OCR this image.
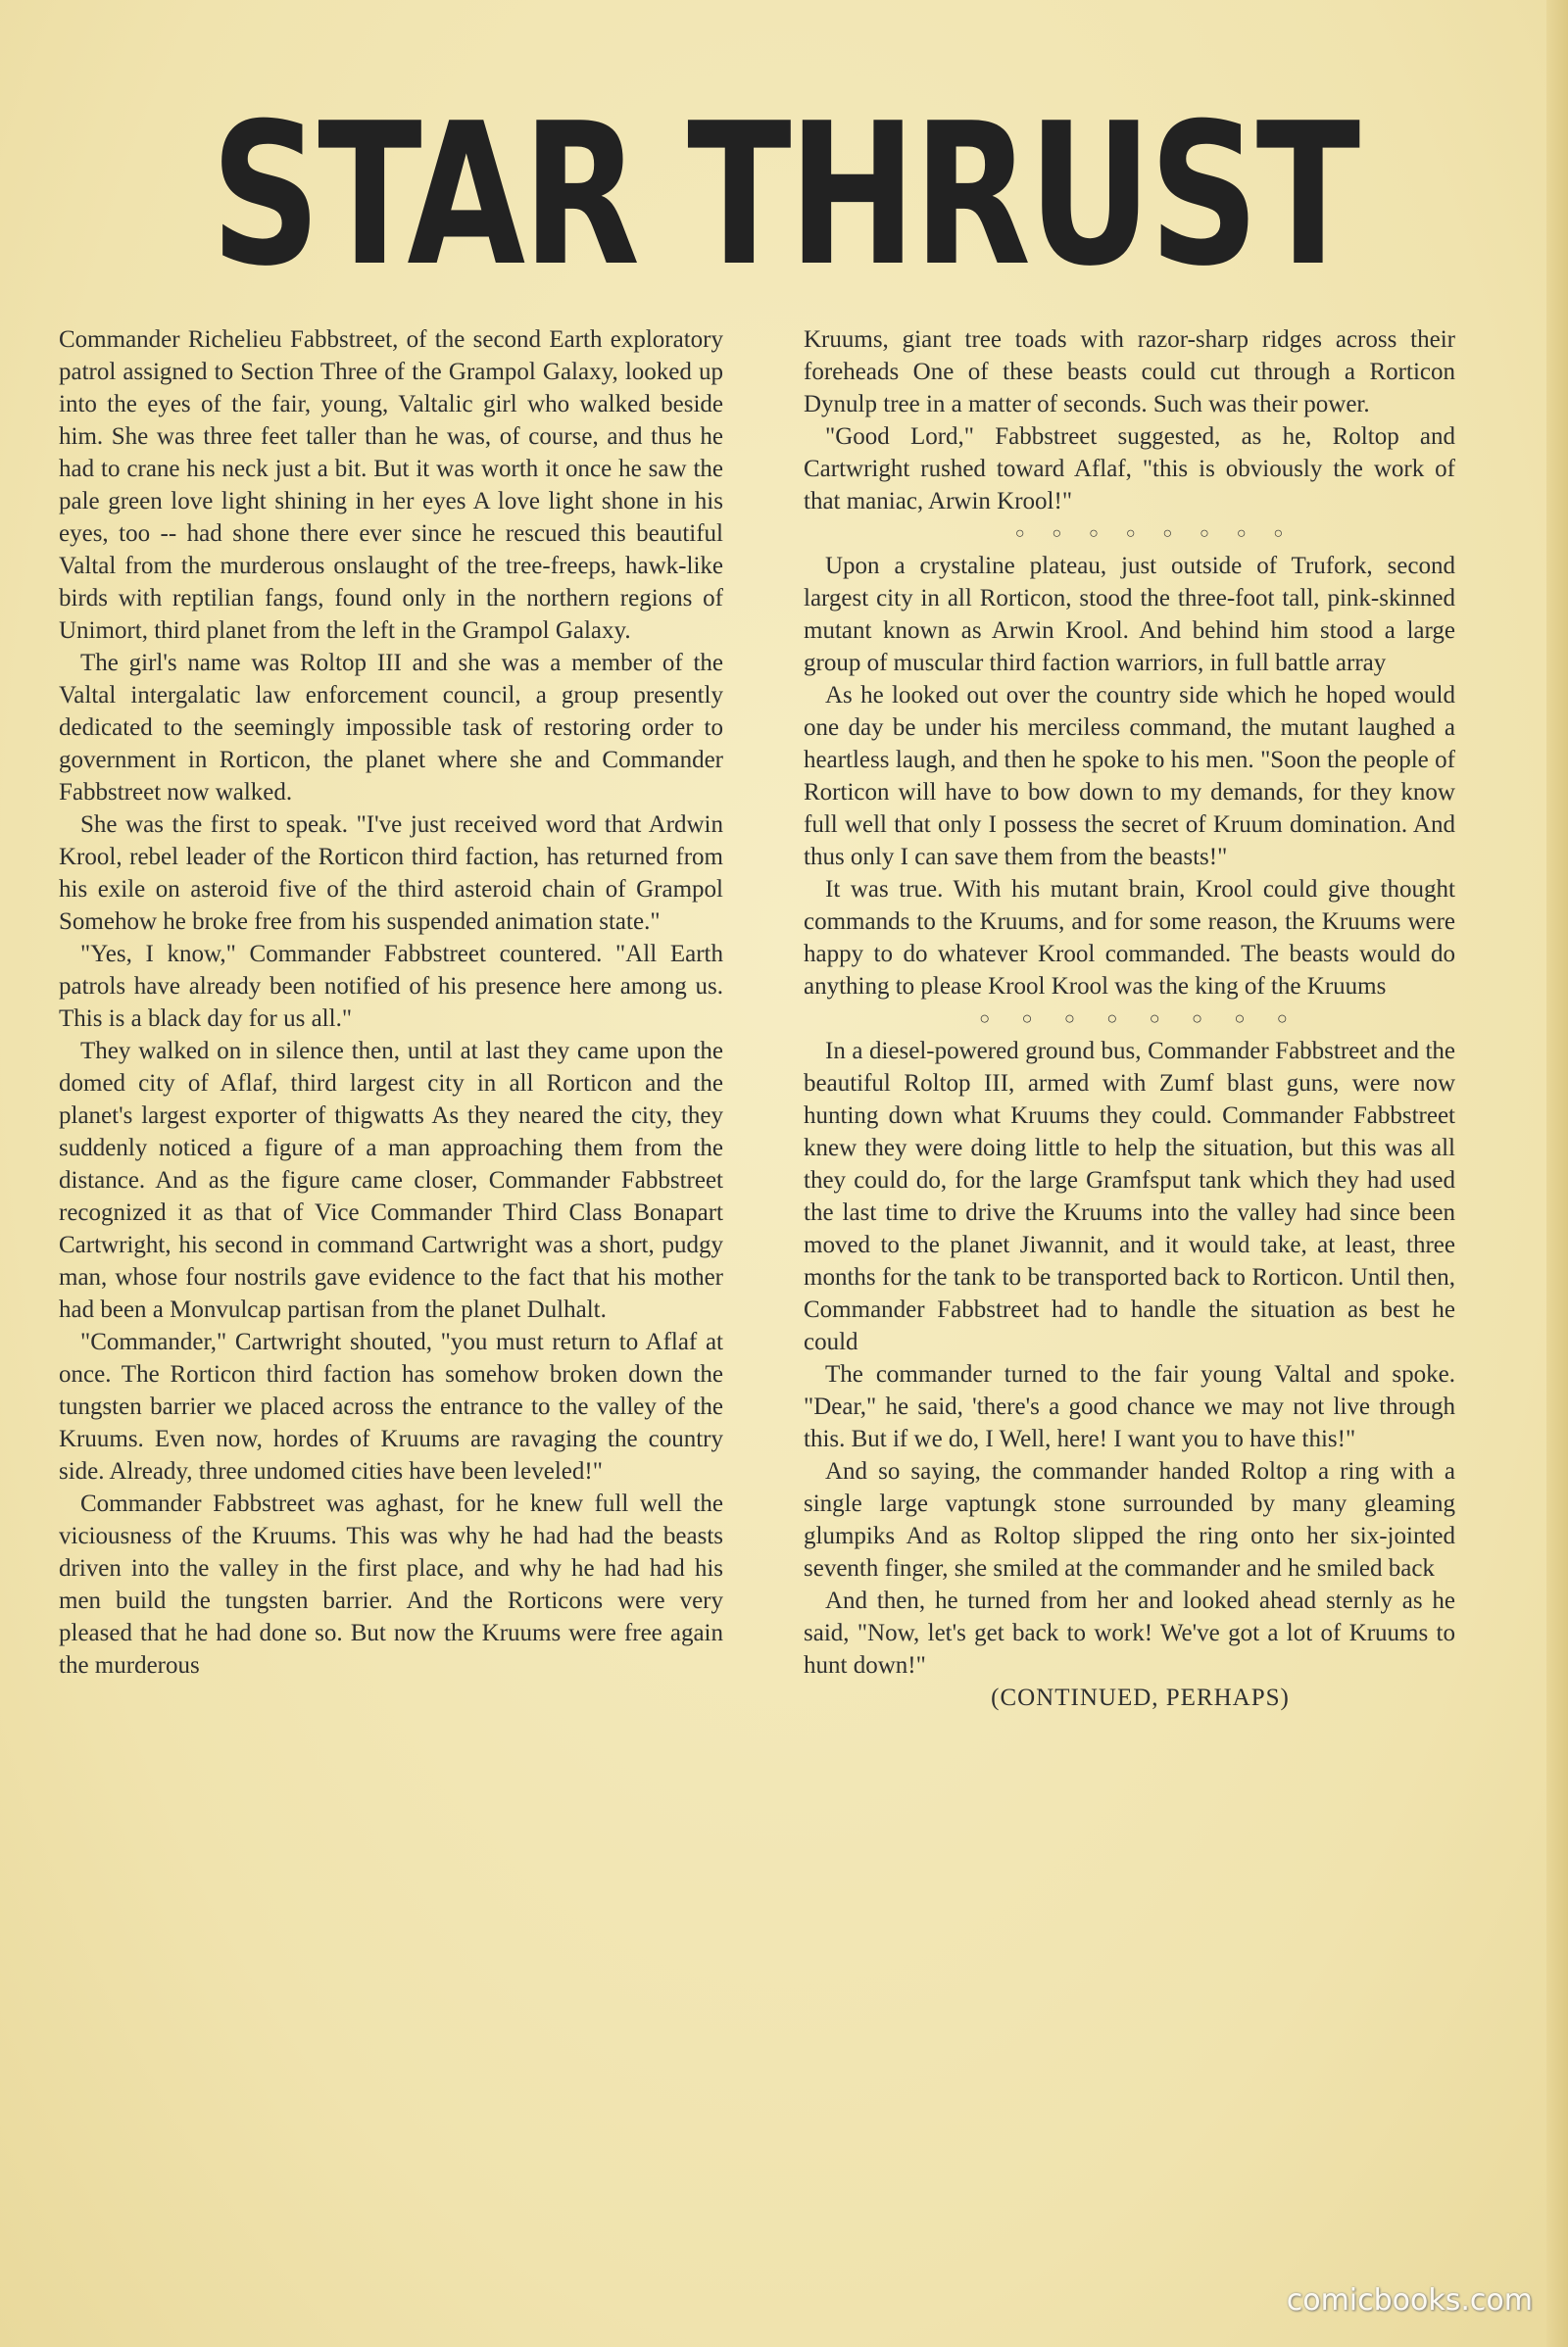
STAR THRUST

Commander Richelieu Fabbstreet, of the second Earth exploratory patrol assigned to Section Three of the Grampol Galaxy, looked up into the eyes of the fair, young, Valtalic girl who walked beside him. She was three feet taller than he was, of course, and thus he had to crane his neck just a bit. But it was worth it once he saw the pale green love light shining in her eyes A love light shone in his eyes, too -- had shone there ever since he rescued this beautiful Valtal from the murderous onslaught of the tree-freeps, hawk-like birds with reptilian fangs, found only in the northern regions of Unimort, third planet from the left in the Grampol Galaxy.

The girl's name was Roltop III and she was a member of the Valtal intergalatic law enforcement council, a group presently dedicated to the seemingly impossible task of restoring order to government in Rorticon, the planet where she and Commander Fabbstreet now walked.

She was the first to speak. "I've just received word that Ardwin Krool, rebel leader of the Rorticon third faction, has returned from his exile on asteroid five of the third asteroid chain of Grampol Somehow he broke free from his suspended animation state."

"Yes, I know," Commander Fabbstreet countered. "All Earth patrols have already been notified of his presence here among us. This is a black day for us all."

They walked on in silence then, until at last they came upon the domed city of Aflaf, third largest city in all Rorticon and the planet's largest exporter of thigwatts As they neared the city, they suddenly noticed a figure of a man approaching them from the distance. And as the figure came closer, Commander Fabbstreet recognized it as that of Vice Commander Third Class Bonapart Cartwright, his second in command Cartwright was a short, pudgy man, whose four nostrils gave evidence to the fact that his mother had been a Monvulcap partisan from the planet Dulhalt.

"Commander," Cartwright shouted, "you must return to Aflaf at once. The Rorticon third faction has somehow broken down the tungsten barrier we placed across the entrance to the valley of the Kruums. Even now, hordes of Kruums are ravaging the country side. Already, three undomed cities have been leveled!"

Commander Fabbstreet was aghast, for he knew full well the viciousness of the Kruums. This was why he had had the beasts driven into the valley in the first place, and why he had had his men build the tungsten barrier. And the Rorticons were very pleased that he had done so. But now the Kruums were free again the murderous

Kruums, giant tree toads with razor-sharp ridges across their foreheads One of these beasts could cut through a Rorticon Dynulp tree in a matter of seconds. Such was their power.

"Good Lord," Fabbstreet suggested, as he, Roltop and Cartwright rushed toward Aflaf, "this is obviously the work of that maniac, Arwin Krool!"

○ ○ ○ ○ ○ ○ ○ ○

Upon a crystaline plateau, just outside of Trufork, second largest city in all Rorticon, stood the three-foot tall, pink-skinned mutant known as Arwin Krool. And behind him stood a large group of muscular third faction warriors, in full battle array

As he looked out over the country side which he hoped would one day be under his merciless command, the mutant laughed a heartless laugh, and then he spoke to his men. "Soon the people of Rorticon will have to bow down to my demands, for they know full well that only I possess the secret of Kruum domination. And thus only I can save them from the beasts!"

It was true. With his mutant brain, Krool could give thought commands to the Kruums, and for some reason, the Kruums were happy to do whatever Krool commanded. The beasts would do anything to please Krool Krool was the king of the Kruums

○ ○ ○ ○ ○ ○ ○ ○

In a diesel-powered ground bus, Commander Fabbstreet and the beautiful Roltop III, armed with Zumf blast guns, were now hunting down what Kruums they could. Commander Fabbstreet knew they were doing little to help the situation, but this was all they could do, for the large Gramfsput tank which they had used the last time to drive the Kruums into the valley had since been moved to the planet Jiwannit, and it would take, at least, three months for the tank to be transported back to Rorticon. Until then, Commander Fabbstreet had to handle the situation as best he could

The commander turned to the fair young Valtal and spoke. "Dear," he said, 'there's a good chance we may not live through this. But if we do, I Well, here! I want you to have this!"

And so saying, the commander handed Roltop a ring with a single large vaptungk stone surrounded by many gleaming glumpiks And as Roltop slipped the ring onto her six-jointed seventh finger, she smiled at the commander and he smiled back

And then, he turned from her and looked ahead sternly as he said, "Now, let's get back to work! We've got a lot of Kruums to hunt down!"

(CONTINUED, PERHAPS)

comicbooks.com
